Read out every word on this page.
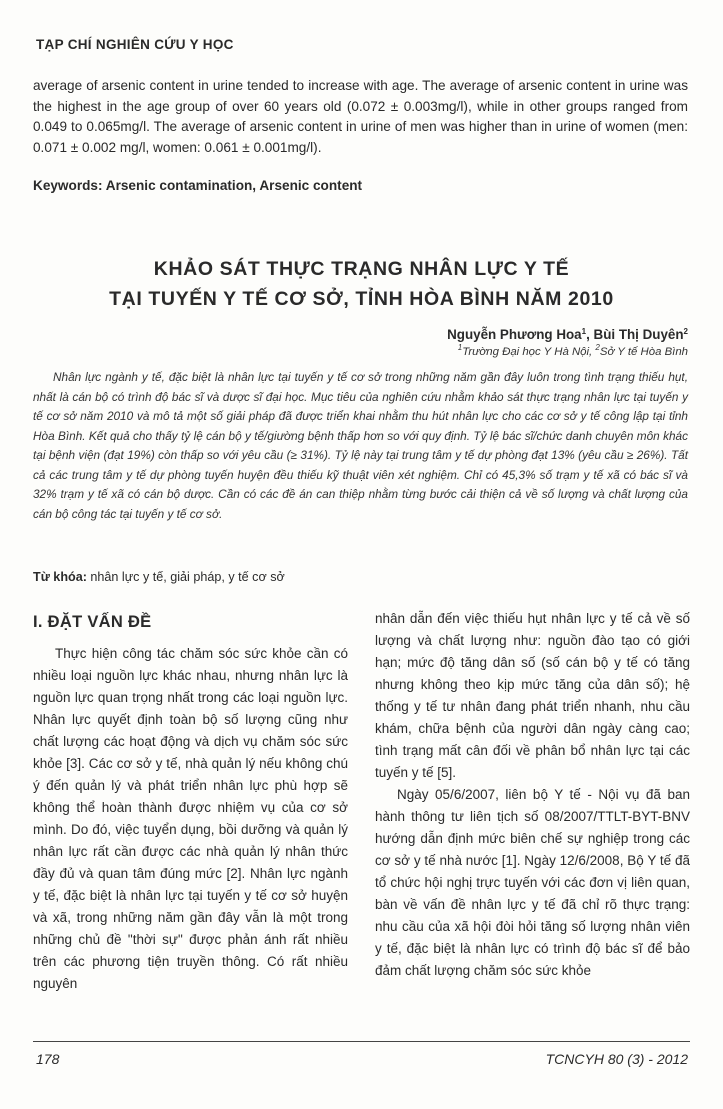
TẠP CHÍ NGHIÊN CỨU Y HỌC
average of arsenic content in urine tended to increase with age. The average of arsenic content in urine was the highest in the age group of over 60 years old (0.072 ± 0.003mg/l), while in other groups ranged from 0.049 to 0.065mg/l. The average of arsenic content in urine of men was higher than in urine of women (men: 0.071 ± 0.002 mg/l, women: 0.061 ± 0.001mg/l).
Keywords: Arsenic contamination, Arsenic content
KHẢO SÁT THỰC TRẠNG NHÂN LỰC Y TẾ
TẠI TUYẾN Y TẾ CƠ SỞ, TỈNH HÒA BÌNH NĂM 2010
Nguyễn Phương Hoa$^1$, Bùi Thị Duyên$^2$
$^1$Trường Đại học Y Hà Nội, $^2$Sở Y tế Hòa Bình
Nhân lực ngành y tế, đặc biệt là nhân lực tại tuyến y tế cơ sở trong những năm gần đây luôn trong tình trạng thiếu hụt, nhất là cán bộ có trình độ bác sĩ và dược sĩ đại học. Mục tiêu của nghiên cứu nhằm khảo sát thực trạng nhân lực tại tuyến y tế cơ sở năm 2010 và mô tả một số giải pháp đã được triển khai nhằm thu hút nhân lực cho các cơ sở y tế công lập tại tỉnh Hòa Bình. Kết quả cho thấy tỷ lệ cán bộ y tế/giường bệnh thấp hơn so với quy định. Tỷ lệ bác sĩ/chức danh chuyên môn khác tại bệnh viện (đạt 19%) còn thấp so với yêu cầu (≥ 31%). Tỷ lệ này tại trung tâm y tế dự phòng đạt 13% (yêu cầu ≥ 26%). Tất cả các trung tâm y tế dự phòng tuyến huyện đều thiếu kỹ thuật viên xét nghiệm. Chỉ có 45,3% số trạm y tế xã có bác sĩ và 32% trạm y tế xã có cán bộ dược. Cần có các đề án can thiệp nhằm từng bước cải thiện cả về số lượng và chất lượng của cán bộ công tác tại tuyến y tế cơ sở.
Từ khóa: nhân lực y tế, giải pháp, y tế cơ sở
I. ĐẶT VẤN ĐỀ

Thực hiện công tác chăm sóc sức khỏe cần có nhiều loại nguồn lực khác nhau, nhưng nhân lực là nguồn lực quan trọng nhất trong các loại nguồn lực. Nhân lực quyết định toàn bộ số lượng cũng như chất lượng các hoạt động và dịch vụ chăm sóc sức khỏe [3]. Các cơ sở y tế, nhà quản lý nếu không chú ý đến quản lý và phát triển nhân lực phù hợp sẽ không thể hoàn thành được nhiệm vụ của cơ sở mình. Do đó, việc tuyển dụng, bồi dưỡng và quản lý nhân lực rất cần được các nhà quản lý nhân thức đầy đủ và quan tâm đúng mức [2]. Nhân lực ngành y tế, đặc biệt là nhân lực tại tuyến y tế cơ sở huyện và xã, trong những năm gần đây vẫn là một trong những chủ đề "thời sự" được phản ánh rất nhiều trên các phương tiện truyền thông. Có rất nhiều nguyên

nhân dẫn đến việc thiếu hụt nhân lực y tế cả về số lượng và chất lượng như: nguồn đào tạo có giới hạn; mức độ tăng dân số (số cán bộ y tế có tăng nhưng không theo kịp mức tăng của dân số); hệ thống y tế tư nhân đang phát triển nhanh, nhu cầu khám, chữa bệnh của người dân ngày càng cao; tình trạng mất cân đối về phân bổ nhân lực tại các tuyến y tế [5].

Ngày 05/6/2007, liên bộ Y tế - Nội vụ đã ban hành thông tư liên tịch số 08/2007/TTLT-BYT-BNV hướng dẫn định mức biên chế sự nghiệp trong các cơ sở y tế nhà nước [1]. Ngày 12/6/2008, Bộ Y tế đã tổ chức hội nghị trực tuyến với các đơn vị liên quan, bàn về vấn đề nhân lực y tế đã chỉ rõ thực trạng: nhu cầu của xã hội đòi hỏi tăng số lượng nhân viên y tế, đặc biệt là nhân lực có trình độ bác sĩ để bảo đảm chất lượng chăm sóc sức khỏe

178	TCNCYH 80 (3) - 2012
